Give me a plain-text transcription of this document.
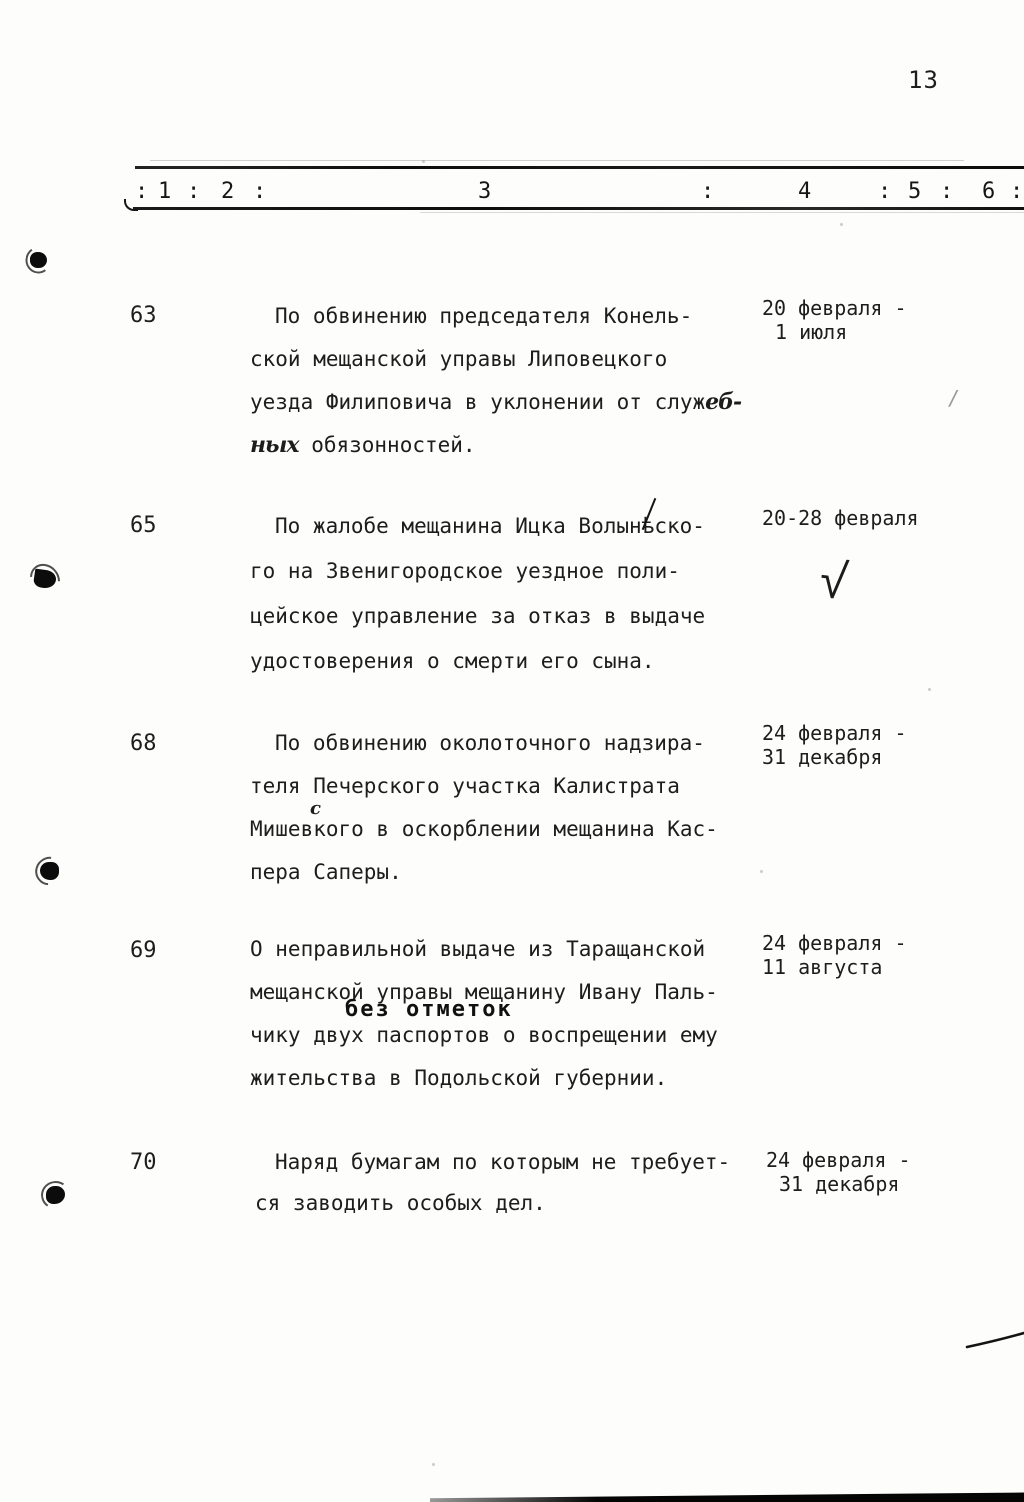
13
: 1 : 2 :	3	:	4	: 5 : 6 :
63	По обвинению председателя Конель-
ской мещанской управы Липовецкого
уезда Филиповича в уклонении от служеб-
ных обязонностей.
20 февраля -
1 июля
/
65	По жалобе мещанина Ицка Волынѣ
ско-
го на Звенигородское уездное поли-
цейское управление за отказ в выдаче
удостоверения о смерти его сына.
20-28 февраля
√
68	По обвинению околоточного надзира-
теля Печерского участка Калистрата
Мишев
с
кого в оскорблении мещанина Кас-
пера Саперы.
24 февраля -
31 декабря
69	О неправильной выдаче из Таращанской
мещанской управы мещанину Ивану Паль-
чику двух паспортов о воспрещении ему
жительства в Подольской губернии.
без отметок
24 февраля -
11 августа
70	Наряд бумагам по которым не требует-
ся заводить особых дел.
24 февраля -
31 декабря
